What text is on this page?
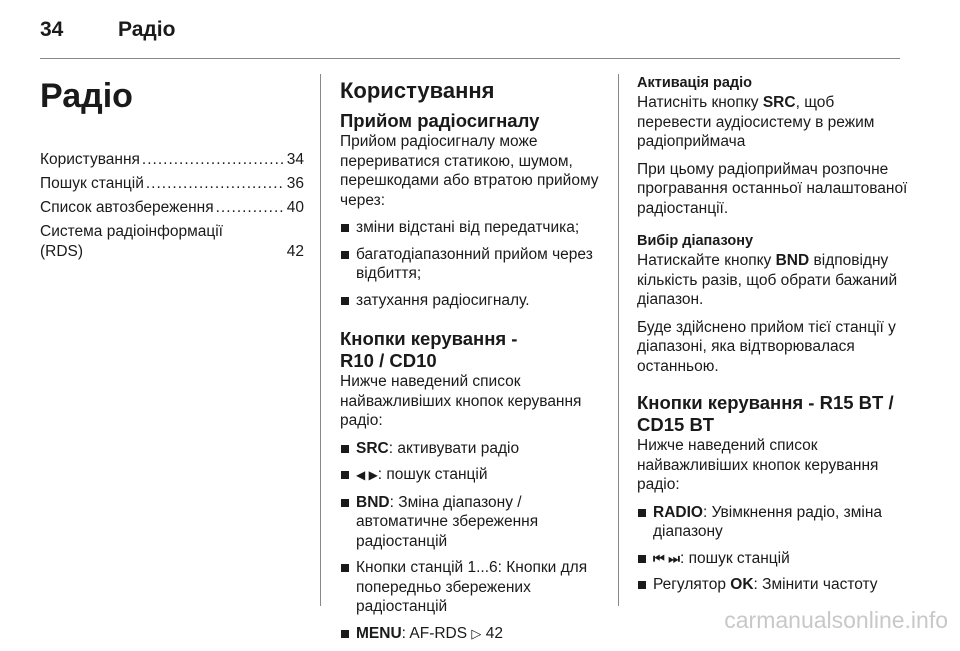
34	Радіо
Радіо
Користування .....	34
Пошук станцій .....	36
Список автозбереження .....	40
Система радіоінформації
(RDS)	42
Користування
Прийом радіосигналу

Прийом радіосигналу може перериватися статикою, шумом, перешкодами або втратою прийому через:

зміни відстані від передатчика;
багатодіапазонний прийом через відбиття;
затухання радіосигналу.
Кнопки керування -
R10 / CD10

Нижче наведений список найважливіших кнопок керування радіо:

SRC: активувати радіо
◀ ▶: пошук станцій
BND: Зміна діапазону / автоматичне збереження радіостанцій
Кнопки станцій 1...6: Кнопки для попередньо збережених радіостанцій
MENU: AF-RDS ▷ 42
Активація радіо

Натисніть кнопку SRC, щоб перевести аудіосистему в режим радіоприймача

При цьому радіоприймач розпочне програвання останньої налаштованої радіостанції.

Вибір діапазону

Натискайте кнопку BND відповідну кількість разів, щоб обрати бажаний діапазон.

Буде здійснено прийом тієї станції у діапазоні, яка відтворювалася останньою.

Кнопки керування - R15 BT /
CD15 BT

Нижче наведений список найважливіших кнопок керування радіо:

RADIO: Увімкнення радіо, зміна діапазону
⏮ ⏭: пошук станцій
Регулятор OK: Змінити частоту
carmanualsonline.info
